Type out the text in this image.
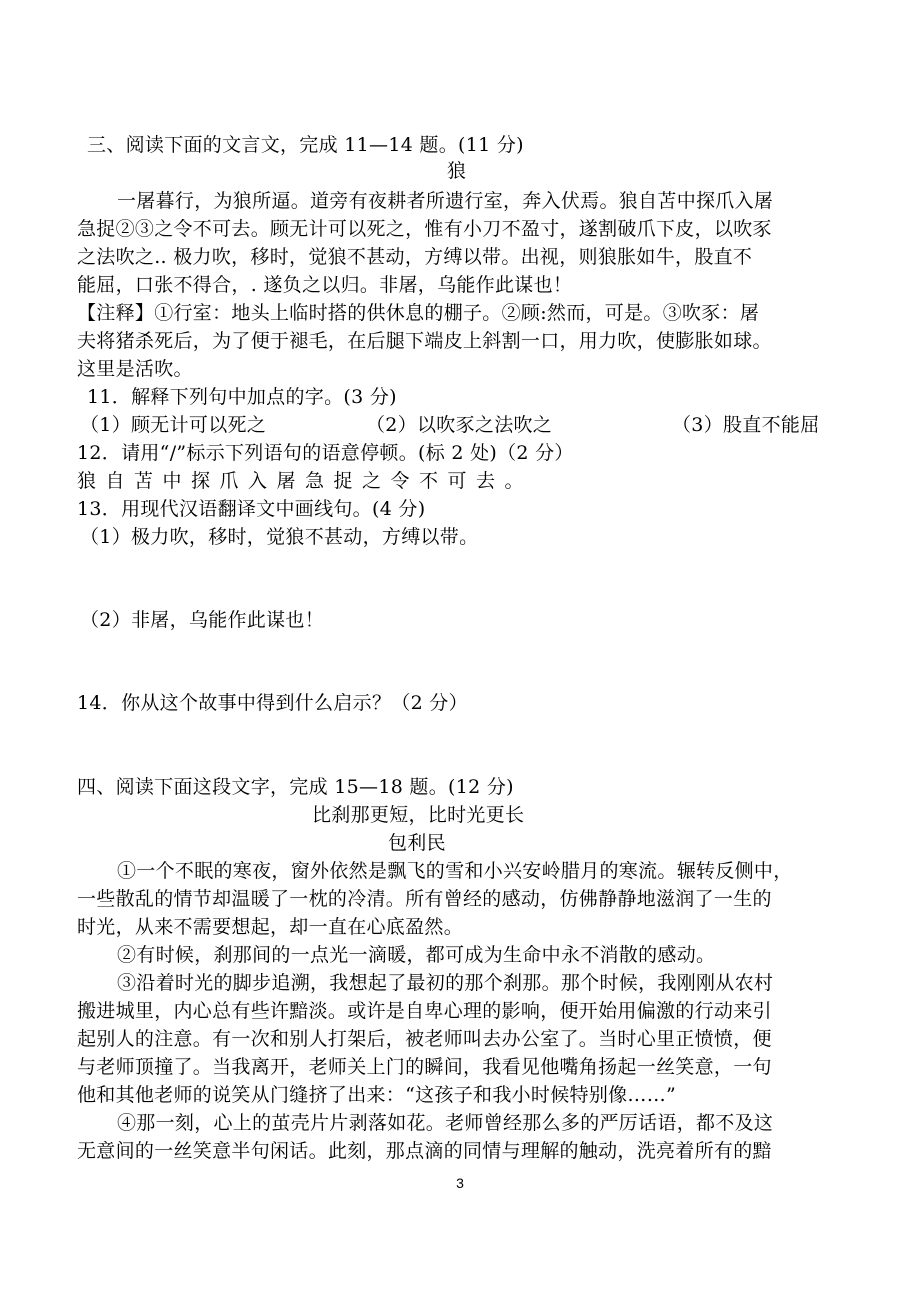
三、阅读下面的文言文，完成 11—14 题。(11 分)
狼
一屠暮行，为狼所逼。道旁有夜耕者所遗行室，奔入伏焉。狼自苫中探爪入屠
急捉②③之令不可去。顾无计可以死之，惟有小刀不盈寸，遂割破爪下皮，以吹豕
之法吹之.. 极力吹，移时，觉狼不甚动，方缚以带。出视，则狼胀如牛，股直不
能屈，口张不得合，. 遂负之以归。非屠，乌能作此谋也！
【注释】①行室：地头上临时搭的供休息的棚子。②顾:然而，可是。③吹豕：屠
夫将猪杀死后，为了便于褪毛，在后腿下端皮上斜割一口，用力吹，使膨胀如球。
这里是活吹。
11．解释下列句中加点的字。(3 分)
（1）顾无计可以死之	（2）以吹豕之法吹之	（3）股直不能屈
12．请用“/”标示下列语句的语意停顿。(标 2 处)（2 分）
狼自苫中探爪入屠急捉之令不可去。
13．用现代汉语翻译文中画线句。(4 分)
（1）极力吹，移时，觉狼不甚动，方缚以带。
（2）非屠，乌能作此谋也！
14．你从这个故事中得到什么启示？（2 分）
四、阅读下面这段文字，完成 15—18 题。(12 分)
比刹那更短，比时光更长
包利民
①一个不眠的寒夜，窗外依然是飘飞的雪和小兴安岭腊月的寒流。辗转反侧中，
一些散乱的情节却温暖了一枕的冷清。所有曾经的感动，仿佛静静地滋润了一生的
时光，从来不需要想起，却一直在心底盈然。
②有时候，刹那间的一点光一滴暖，都可成为生命中永不消散的感动。
③沿着时光的脚步追溯，我想起了最初的那个刹那。那个时候，我刚刚从农村
搬进城里，内心总有些许黯淡。或许是自卑心理的影响，便开始用偏激的行动来引
起别人的注意。有一次和别人打架后，被老师叫去办公室了。当时心里正愤愤，便
与老师顶撞了。当我离开，老师关上门的瞬间，我看见他嘴角扬起一丝笑意，一句
他和其他老师的说笑从门缝挤了出来：“这孩子和我小时候特别像……”
④那一刻，心上的茧壳片片剥落如花。老师曾经那么多的严厉话语，都不及这
无意间的一丝笑意半句闲话。此刻，那点滴的同情与理解的触动，洗亮着所有的黯
3
